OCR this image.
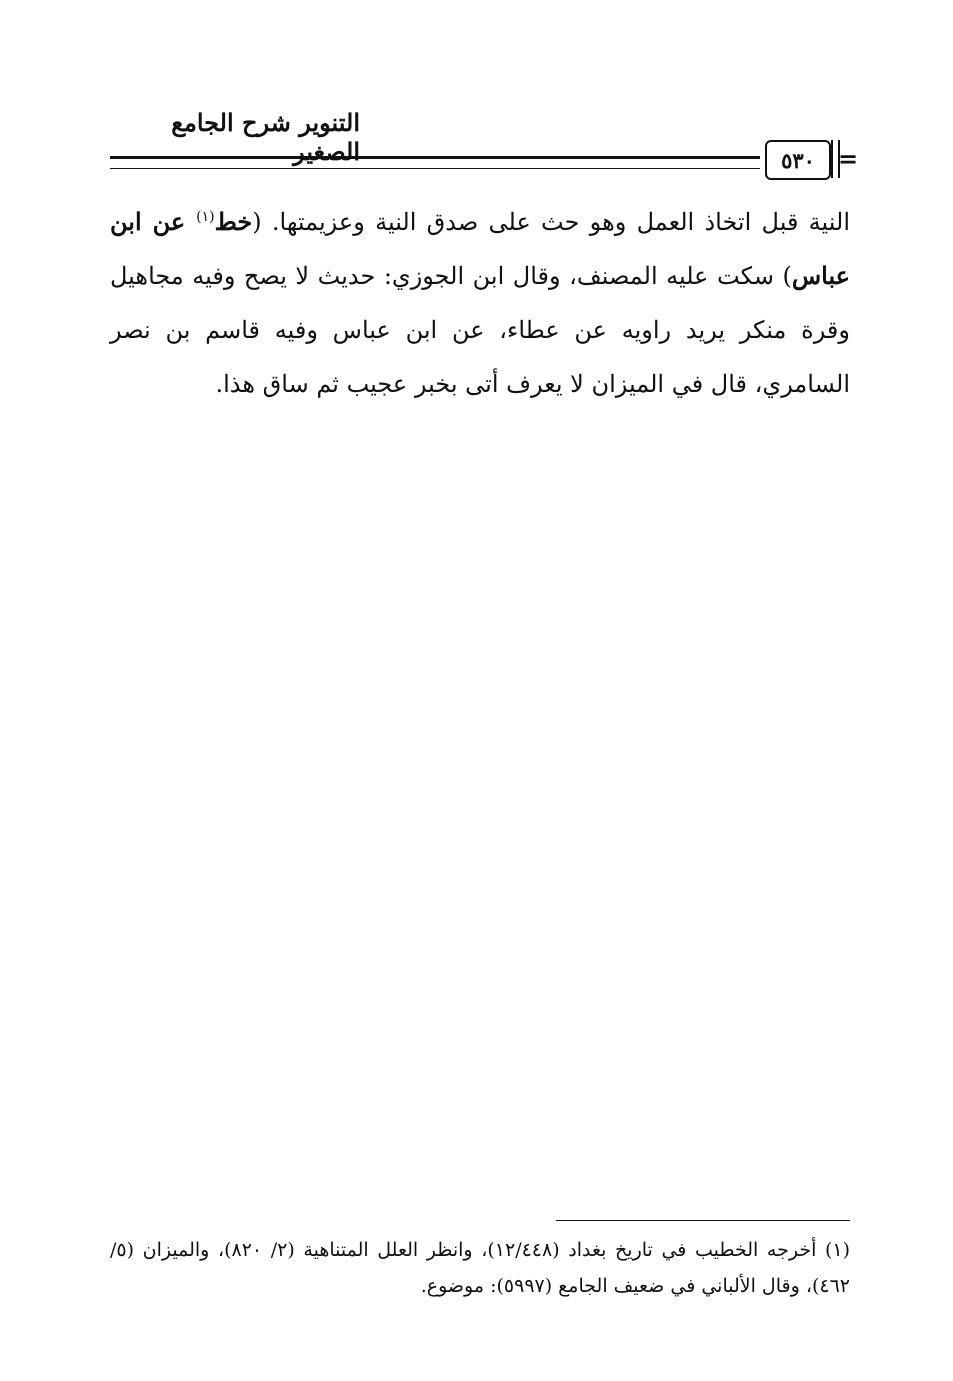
التنوير شرح الجامع الصغير	٥٣٠ =

النية قبل اتخاذ العمل وهو حث على صدق النية وعزيمتها. (خط$^{(١)}$ عن ابن عباس) سكت عليه المصنف، وقال ابن الجوزي: حديث لا يصح وفيه مجاهيل وقرة منكر يريد راويه عن عطاء، عن ابن عباس وفيه قاسم بن نصر السامري، قال في الميزان لا يعرف أتى بخبر عجيب ثم ساق هذا.

(١) أخرجه الخطيب في تاريخ بغداد (١٢/٤٤٨)، وانظر العلل المتناهية (٢/ ٨٢٠)، والميزان (٥/ ٤٦٢)، وقال الألباني في ضعيف الجامع (٥٩٩٧): موضوع.
